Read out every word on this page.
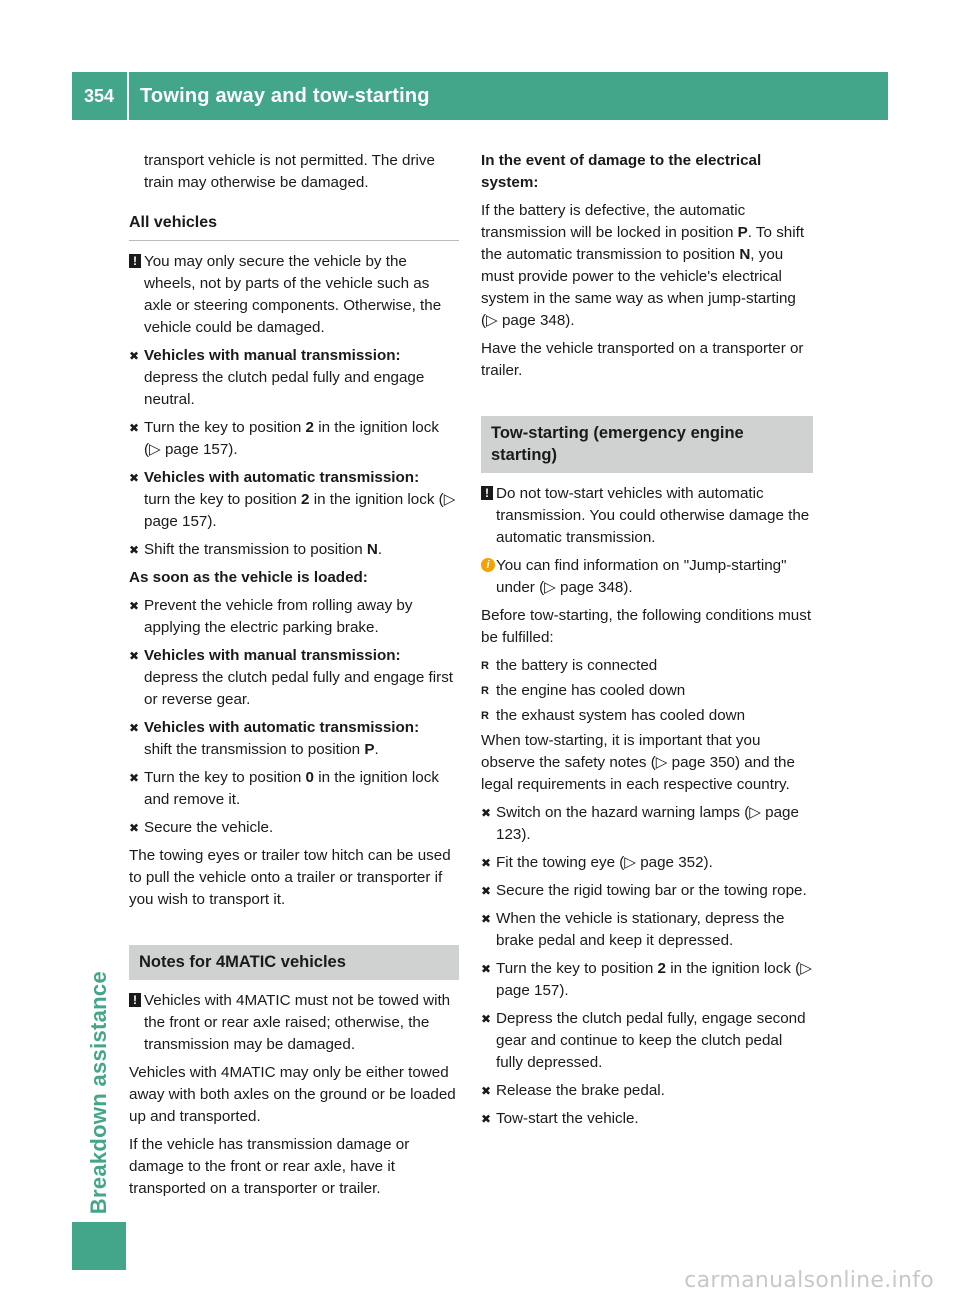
354	Towing away and tow-starting
Breakdown assistance

transport vehicle is not permitted. The drive train may otherwise be damaged.

All vehicles
! You may only secure the vehicle by the wheels, not by parts of the vehicle such as axle or steering components. Otherwise, the vehicle could be damaged.
✖ Vehicles with manual transmission:
depress the clutch pedal fully and engage neutral.
✖ Turn the key to position 2 in the ignition lock (▷ page 157).
✖ Vehicles with automatic transmission:
turn the key to position 2 in the ignition lock (▷ page 157).
✖ Shift the transmission to position N.

As soon as the vehicle is loaded:

✖ Prevent the vehicle from rolling away by applying the electric parking brake.
✖ Vehicles with manual transmission:
depress the clutch pedal fully and engage first or reverse gear.
✖ Vehicles with automatic transmission:
shift the transmission to position P.
✖ Turn the key to position 0 in the ignition lock and remove it.
✖ Secure the vehicle.

The towing eyes or trailer tow hitch can be used to pull the vehicle onto a trailer or transporter if you wish to transport it.

Notes for 4MATIC vehicles
! Vehicles with 4MATIC must not be towed with the front or rear axle raised; otherwise, the transmission may be damaged.

Vehicles with 4MATIC may only be either towed away with both axles on the ground or be loaded up and transported.

If the vehicle has transmission damage or damage to the front or rear axle, have it transported on a transporter or trailer.

In the event of damage to the electrical system:

If the battery is defective, the automatic transmission will be locked in position P. To shift the automatic transmission to position N, you must provide power to the vehicle's electrical system in the same way as when jump-starting (▷ page 348).

Have the vehicle transported on a transporter or trailer.

Tow-starting (emergency engine starting)
! Do not tow-start vehicles with automatic transmission. You could otherwise damage the automatic transmission.
i You can find information on "Jump-starting" under (▷ page 348).

Before tow-starting, the following conditions must be fulfilled:

R the battery is connected
R the engine has cooled down
R the exhaust system has cooled down

When tow-starting, it is important that you observe the safety notes (▷ page 350) and the legal requirements in each respective country.

✖ Switch on the hazard warning lamps (▷ page 123).
✖ Fit the towing eye (▷ page 352).
✖ Secure the rigid towing bar or the towing rope.
✖ When the vehicle is stationary, depress the brake pedal and keep it depressed.
✖ Turn the key to position 2 in the ignition lock (▷ page 157).
✖ Depress the clutch pedal fully, engage second gear and continue to keep the clutch pedal fully depressed.
✖ Release the brake pedal.
✖ Tow-start the vehicle.
carmanualsonline.info
